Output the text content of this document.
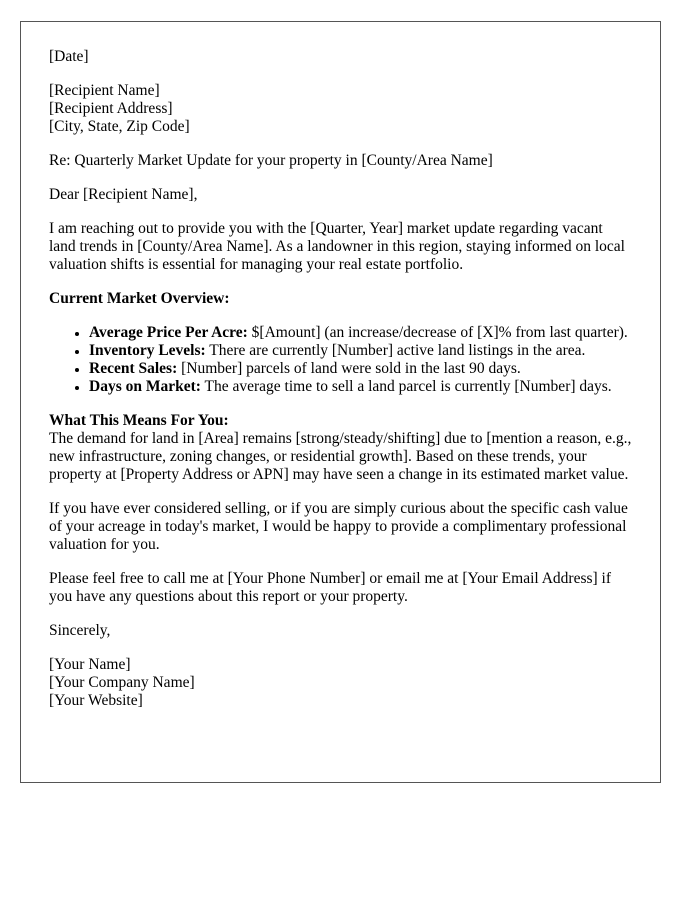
[Date]

[Recipient Name]
[Recipient Address]
[City, State, Zip Code]

Re: Quarterly Market Update for your property in [County/Area Name]

Dear [Recipient Name],

I am reaching out to provide you with the [Quarter, Year] market update regarding vacant land trends in [County/Area Name]. As a landowner in this region, staying informed on local valuation shifts is essential for managing your real estate portfolio.

Current Market Overview:

• Average Price Per Acre: $[Amount] (an increase/decrease of [X]% from last quarter).
• Inventory Levels: There are currently [Number] active land listings in the area.
• Recent Sales: [Number] parcels of land were sold in the last 90 days.
• Days on Market: The average time to sell a land parcel is currently [Number] days.
What This Means For You:
The demand for land in [Area] remains [strong/steady/shifting] due to [mention a reason, e.g., new infrastructure, zoning changes, or residential growth]. Based on these trends, your property at [Property Address or APN] may have seen a change in its estimated market value.

If you have ever considered selling, or if you are simply curious about the specific cash value of your acreage in today's market, I would be happy to provide a complimentary professional valuation for you.

Please feel free to call me at [Your Phone Number] or email me at [Your Email Address] if you have any questions about this report or your property.

Sincerely,

[Your Name]
[Your Company Name]
[Your Website]
